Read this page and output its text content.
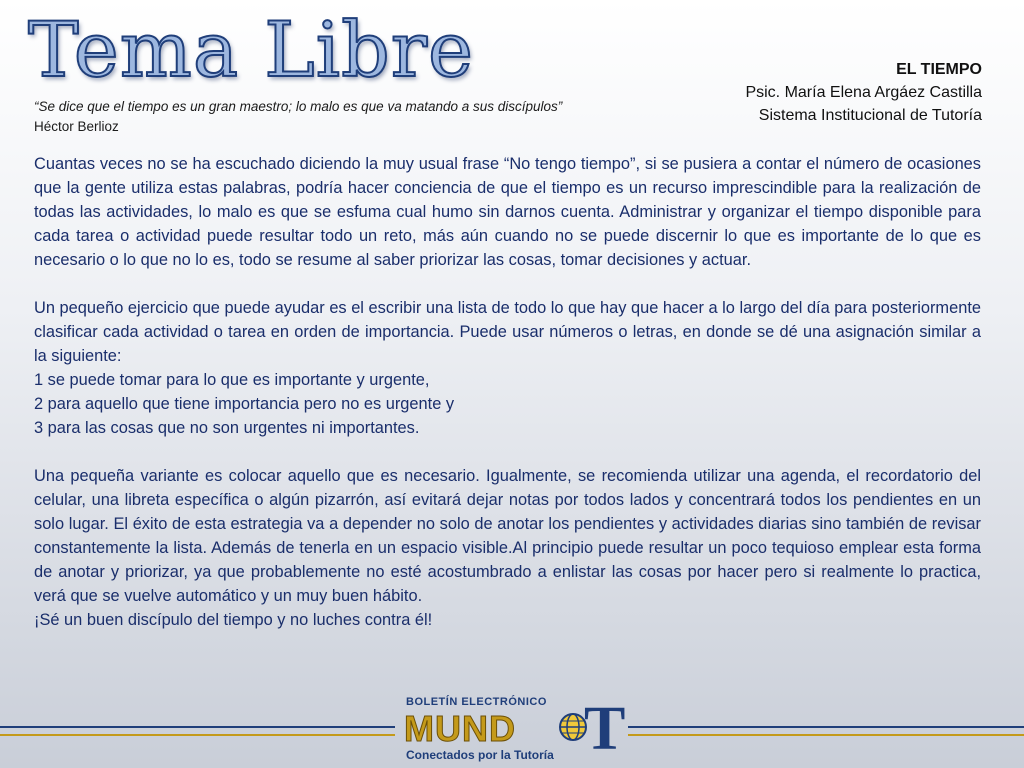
Tema Libre
“Se dice que el tiempo es un gran maestro; lo malo es que va matando a sus discípulos”
Héctor Berlioz
EL TIEMPO
Psic. María Elena Argáez Castilla
Sistema Institucional de Tutoría

Cuantas veces no se ha escuchado diciendo la muy usual frase “No tengo tiempo”, si se pusiera a contar el número de ocasiones que la gente utiliza estas palabras, podría hacer conciencia de que el tiempo es un recurso imprescindible para la realización de todas las actividades, lo malo es que se esfuma cual humo sin darnos cuenta. Administrar y organizar el tiempo disponible para cada tarea o actividad puede resultar todo un reto, más aún cuando no se puede discernir lo que es importante de lo que es necesario o lo que no lo es, todo se resume al saber priorizar las cosas, tomar decisiones y actuar.

Un pequeño ejercicio que puede ayudar es el escribir una lista de todo lo que hay que hacer a lo largo del día para posteriormente clasificar cada actividad o tarea en orden de importancia. Puede usar números o letras, en donde se dé una asignación similar a la siguiente:

1 se puede tomar para lo que es importante y urgente,

2 para aquello que tiene importancia pero no es urgente y

3 para las cosas que no son urgentes ni importantes.

Una pequeña variante es colocar aquello que es necesario. Igualmente, se recomienda utilizar una agenda, el recordatorio del celular, una libreta específica o algún pizarrón, así evitará dejar notas por todos lados y concentrará todos los pendientes en un solo lugar. El éxito de esta estrategia va a depender no solo de anotar los pendientes y actividades diarias sino también de revisar constantemente la lista. Además de tenerla en un espacio visible.Al principio puede resultar un poco tequioso emplear esta forma de anotar y priorizar, ya que probablemente no esté acostumbrado a enlistar las cosas por hacer pero si realmente lo practica, verá que se vuelve automático y un muy buen hábito.

¡Sé un buen discípulo del tiempo y no luches contra él!

BOLETÍN ELECTRÓNICO
MUND T
Conectados por la Tutoría
